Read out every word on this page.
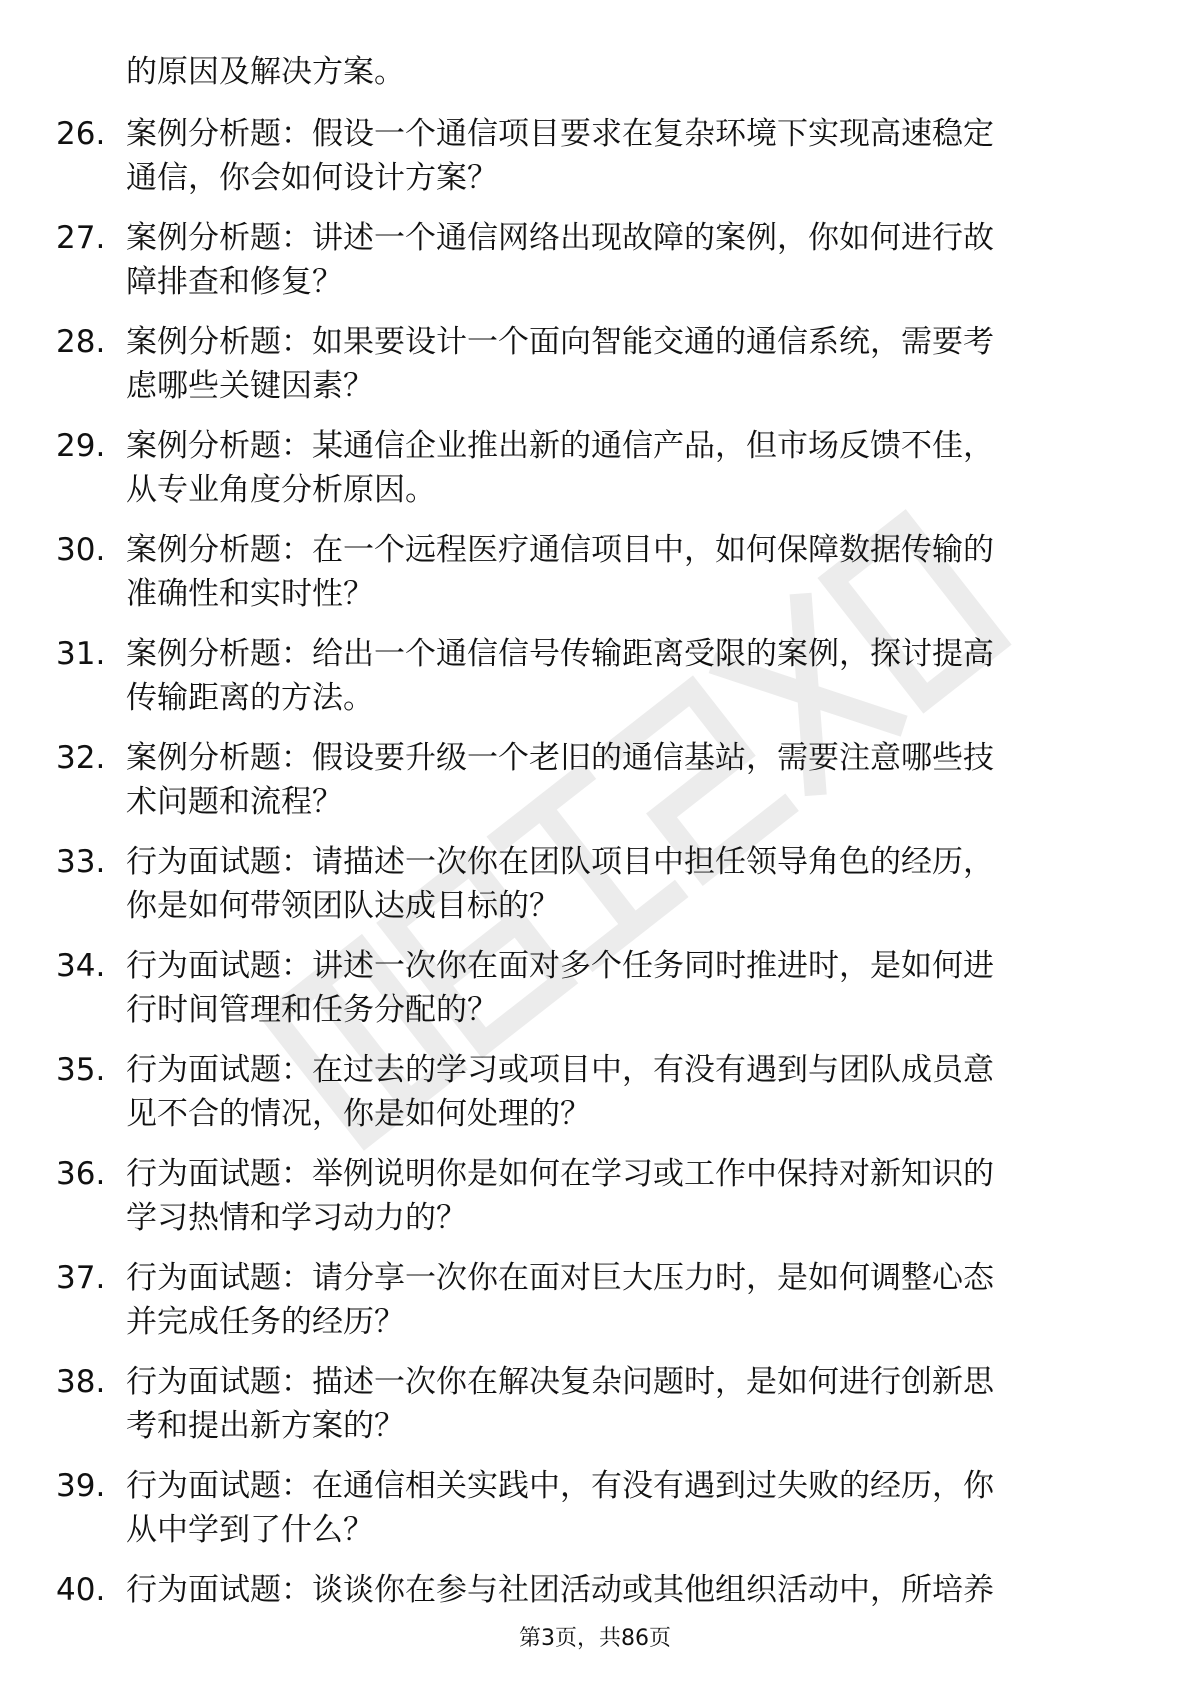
的原因及解决方案。
26. 案例分析题：假设一个通信项目要求在复杂环境下实现高速稳定
通信，你会如何设计方案？
27. 案例分析题：讲述一个通信网络出现故障的案例，你如何进行故
障排查和修复？
28. 案例分析题：如果要设计一个面向智能交通的通信系统，需要考
虑哪些关键因素？
29. 案例分析题：某通信企业推出新的通信产品，但市场反馈不佳，
从专业角度分析原因。
30. 案例分析题：在一个远程医疗通信项目中，如何保障数据传输的
准确性和实时性？
31. 案例分析题：给出一个通信信号传输距离受限的案例，探讨提高
传输距离的方法。
32. 案例分析题：假设要升级一个老旧的通信基站，需要注意哪些技
术问题和流程？
33. 行为面试题：请描述一次你在团队项目中担任领导角色的经历，
你是如何带领团队达成目标的？
34. 行为面试题：讲述一次你在面对多个任务同时推进时，是如何进
行时间管理和任务分配的？
35. 行为面试题：在过去的学习或项目中，有没有遇到与团队成员意
见不合的情况，你是如何处理的？
36. 行为面试题：举例说明你是如何在学习或工作中保持对新知识的
学习热情和学习动力的？
37. 行为面试题：请分享一次你在面对巨大压力时，是如何调整心态
并完成任务的经历？
38. 行为面试题：描述一次你在解决复杂问题时，是如何进行创新思
考和提出新方案的？
39. 行为面试题：在通信相关实践中，有没有遇到过失败的经历，你
从中学到了什么？
40. 行为面试题：谈谈你在参与社团活动或其他组织活动中，所培养
第3页，共86页
